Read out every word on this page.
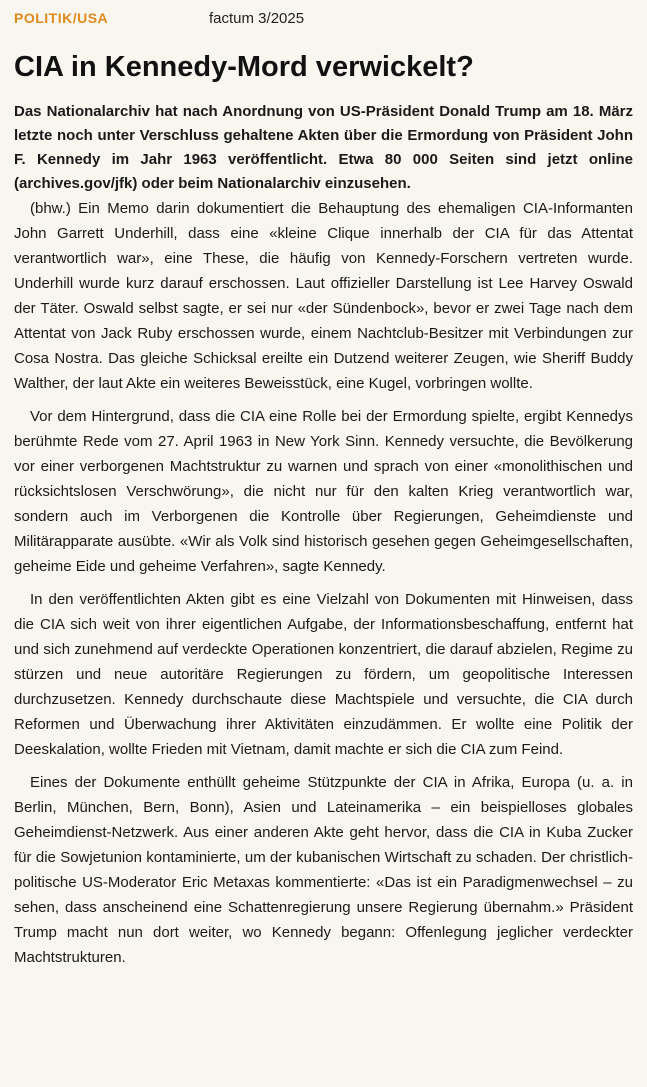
POLITIK/USA	factum 3/2025
CIA in Kennedy-Mord verwickelt?

Das Nationalarchiv hat nach Anordnung von US-Präsident Donald Trump am 18. März letzte noch unter Verschluss gehaltene Akten über die Ermordung von Präsident John F. Kennedy im Jahr 1963 veröffentlicht. Etwa 80 000 Seiten sind jetzt online (archives.gov/jfk) oder beim Nationalarchiv einzusehen.

(bhw.) Ein Memo darin dokumentiert die Behauptung des ehemaligen CIA-Informanten John Garrett Underhill, dass eine «kleine Clique innerhalb der CIA für das Attentat verantwortlich war», eine These, die häufig von Kennedy-Forschern vertreten wurde. Underhill wurde kurz darauf erschossen. Laut offizieller Darstellung ist Lee Harvey Oswald der Täter. Oswald selbst sagte, er sei nur «der Sündenbock», bevor er zwei Tage nach dem Attentat von Jack Ruby erschossen wurde, einem Nachtclub-Besitzer mit Verbindungen zur Cosa Nostra. Das gleiche Schicksal ereilte ein Dutzend weiterer Zeugen, wie Sheriff Buddy Walther, der laut Akte ein weiteres Beweisstück, eine Kugel, vorbringen wollte.

Vor dem Hintergrund, dass die CIA eine Rolle bei der Ermordung spielte, ergibt Kennedys berühmte Rede vom 27. April 1963 in New York Sinn. Kennedy versuchte, die Bevölkerung vor einer verborgenen Machtstruktur zu warnen und sprach von einer «monolithischen und rücksichtslosen Verschwörung», die nicht nur für den kalten Krieg verantwortlich war, sondern auch im Verborgenen die Kontrolle über Regierungen, Geheimdienste und Militärapparate ausübte. «Wir als Volk sind historisch gesehen gegen Geheimgesellschaften, geheime Eide und geheime Verfahren», sagte Kennedy.

In den veröffentlichten Akten gibt es eine Vielzahl von Dokumenten mit Hinweisen, dass die CIA sich weit von ihrer eigentlichen Aufgabe, der Informationsbeschaffung, entfernt hat und sich zunehmend auf verdeckte Operationen konzentriert, die darauf abzielen, Regime zu stürzen und neue autoritäre Regierungen zu fördern, um geopolitische Interessen durchzusetzen. Kennedy durchschaute diese Machtspiele und versuchte, die CIA durch Reformen und Überwachung ihrer Aktivitäten einzudämmen. Er wollte eine Politik der Deeskalation, wollte Frieden mit Vietnam, damit machte er sich die CIA zum Feind.

Eines der Dokumente enthüllt geheime Stützpunkte der CIA in Afrika, Europa (u. a. in Berlin, München, Bern, Bonn), Asien und Lateinamerika – ein beispielloses globales Geheimdienst-Netzwerk. Aus einer anderen Akte geht hervor, dass die CIA in Kuba Zucker für die Sowjetunion kontaminierte, um der kubanischen Wirtschaft zu schaden. Der christlich-politische US-Moderator Eric Metaxas kommentierte: «Das ist ein Paradigmenwechsel – zu sehen, dass anscheinend eine Schattenregierung unsere Regierung übernahm.» Präsident Trump macht nun dort weiter, wo Kennedy begann: Offenlegung jeglicher verdeckter Machtstrukturen.
